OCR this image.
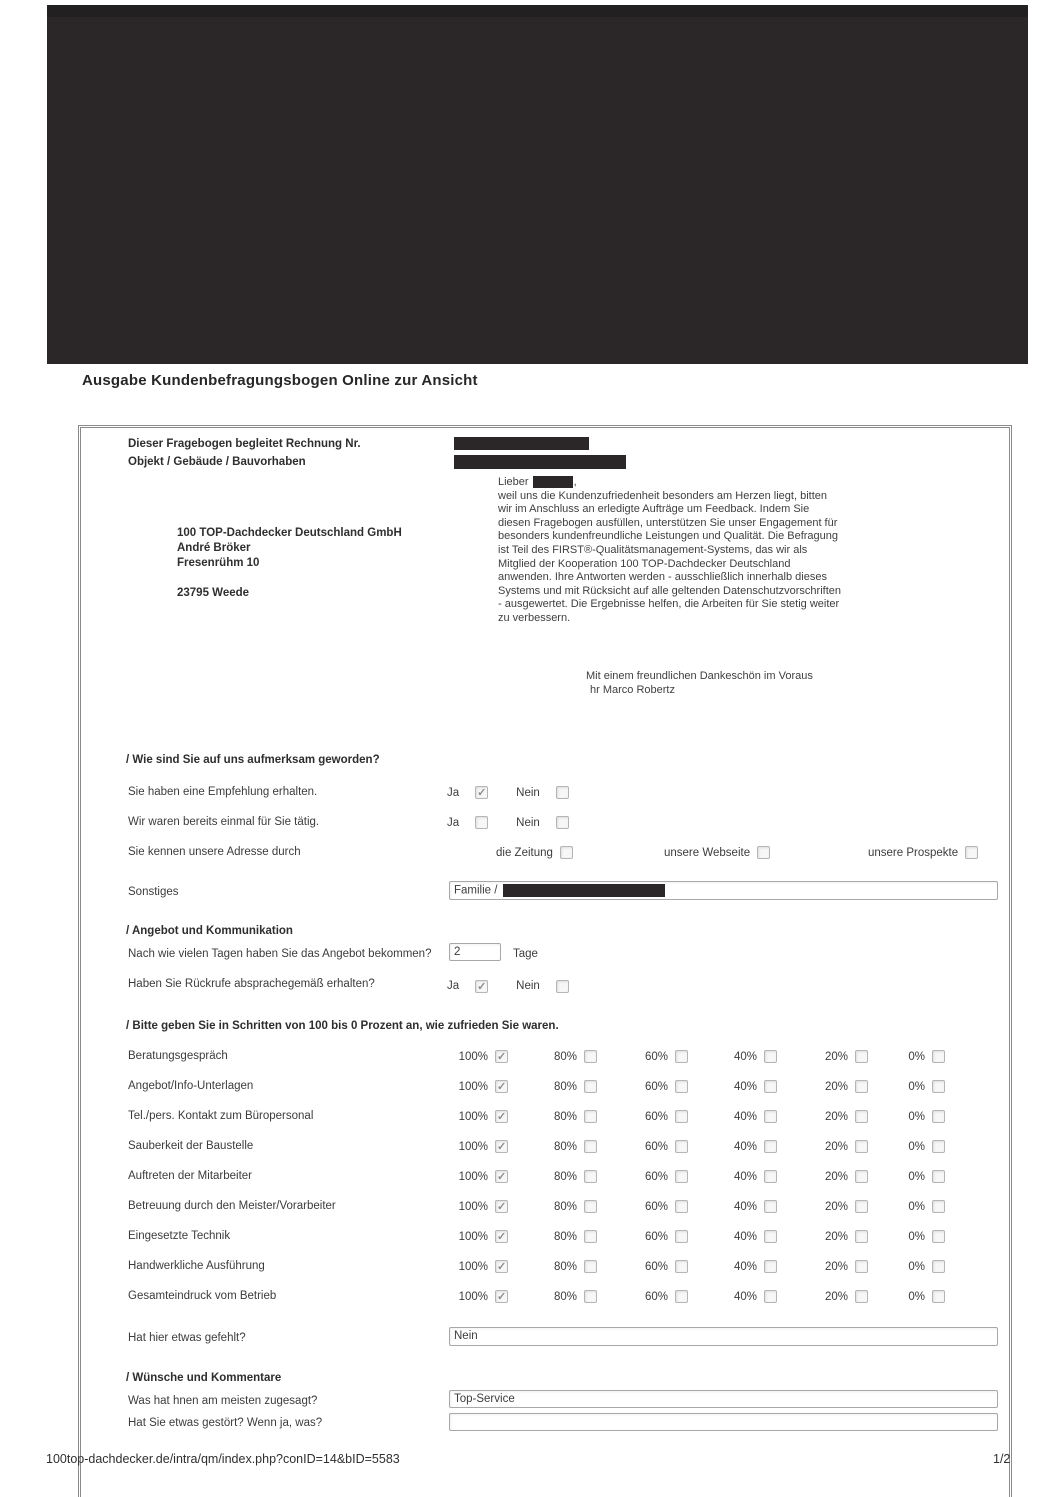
Ausgabe Kundenbefragungsbogen Online zur Ansicht
Dieser Fragebogen begleitet Rechnung Nr.
Objekt / Gebäude / Bauvorhaben
Lieber	,
weil uns die Kundenzufriedenheit besonders am Herzen liegt, bitten wir im Anschluss an erledigte Aufträge um Feedback. Indem Sie diesen Fragebogen ausfüllen, unterstützen Sie unser Engagement für besonders kundenfreundliche Leistungen und Qualität. Die Befragung ist Teil des FIRST®-Qualitätsmanagement-Systems, das wir als Mitglied der Kooperation 100 TOP-Dachdecker Deutschland anwenden. Ihre Antworten werden - ausschließlich innerhalb dieses Systems und mit Rücksicht auf alle geltenden Datenschutzvorschriften - ausgewertet. Die Ergebnisse helfen, die Arbeiten für Sie stetig weiter zu verbessern.
100 TOP-Dachdecker Deutschland GmbH
André Bröker
Fresenrühm 10
23795 Weede
Mit einem freundlichen Dankeschön im Voraus
hr Marco Robertz
/ Wie sind Sie auf uns aufmerksam geworden?
Sie haben eine Empfehlung erhalten.	Ja ✓	Nein
Wir waren bereits einmal für Sie tätig.	Ja	Nein
Sie kennen unsere Adresse durch	die Zeitung	unsere Webseite	unsere Prospekte
Sonstiges	Familie /
/ Angebot und Kommunikation
Nach wie vielen Tagen haben Sie das Angebot bekommen?	2	Tage
Haben Sie Rückrufe absprachegemäß erhalten?	Ja ✓	Nein
/ Bitte geben Sie in Schritten von 100 bis 0 Prozent an, wie zufrieden Sie waren.
Beratungsgespräch	100% ✓	80%	60%	40%	20%	0%
Angebot/Info-Unterlagen	100% ✓	80%	60%	40%	20%	0%
Tel./pers. Kontakt zum Büropersonal	100% ✓	80%	60%	40%	20%	0%
Sauberkeit der Baustelle	100% ✓	80%	60%	40%	20%	0%
Auftreten der Mitarbeiter	100% ✓	80%	60%	40%	20%	0%
Betreuung durch den Meister/Vorarbeiter	100% ✓	80%	60%	40%	20%	0%
Eingesetzte Technik	100% ✓	80%	60%	40%	20%	0%
Handwerkliche Ausführung	100% ✓	80%	60%	40%	20%	0%
Gesamteindruck vom Betrieb	100% ✓	80%	60%	40%	20%	0%
Hat hier etwas gefehlt?	Nein
/ Wünsche und Kommentare
Was hat hnen am meisten zugesagt?	Top-Service
Hat Sie etwas gestört? Wenn ja, was?
100top-dachdecker.de/intra/qm/index.php?conID=14&bID=5583	1/2
